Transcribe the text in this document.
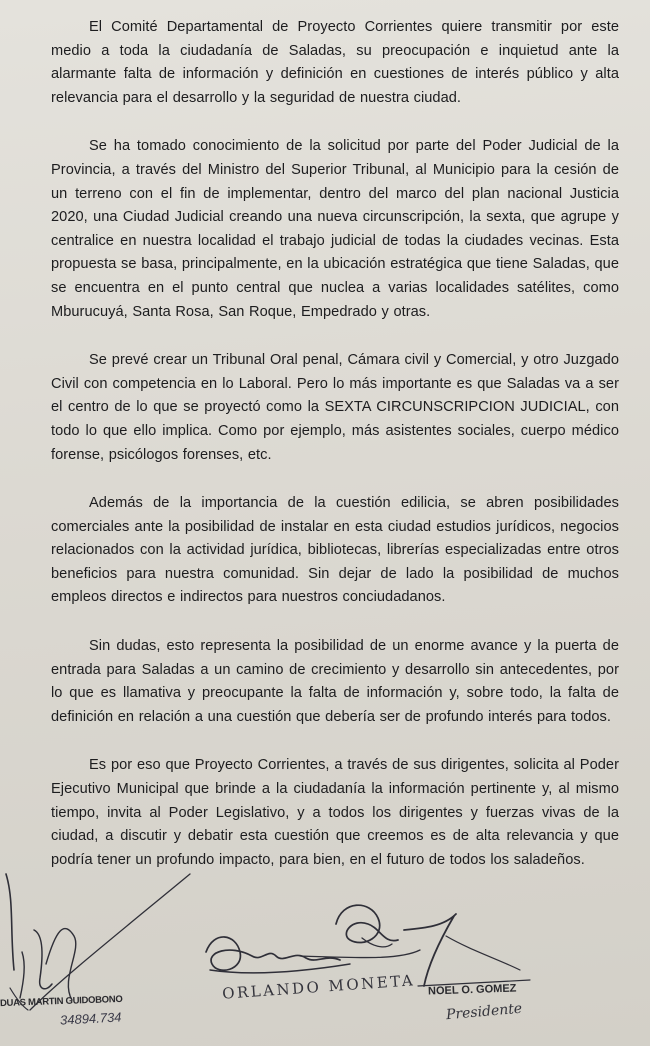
El Comité Departamental de Proyecto Corrientes quiere transmitir por este medio a toda la ciudadanía de Saladas, su preocupación e inquietud ante la alarmante falta de información y definición en cuestiones de interés público y alta relevancia para el desarrollo y la seguridad de nuestra ciudad.

Se ha tomado conocimiento de la solicitud por parte del Poder Judicial de la Provincia, a través del Ministro del Superior Tribunal, al Municipio para la cesión de un terreno con el fin de implementar, dentro del marco del plan nacional Justicia 2020, una Ciudad Judicial creando una nueva circunscripción, la sexta, que agrupe y centralice en nuestra localidad el trabajo judicial de todas la ciudades vecinas. Esta propuesta se basa, principalmente, en la ubicación estratégica que tiene Saladas, que se encuentra en el punto central que nuclea a varias localidades satélites, como Mburucuyá, Santa Rosa, San Roque, Empedrado y otras.

Se prevé crear un Tribunal Oral penal, Cámara civil y Comercial, y otro Juzgado Civil con competencia en lo Laboral. Pero lo más importante es que Saladas va a ser el centro de lo que se proyectó como la SEXTA CIRCUNSCRIPCION JUDICIAL, con todo lo que ello implica. Como por ejemplo, más asistentes sociales, cuerpo médico forense, psicólogos forenses, etc.

Además de la importancia de la cuestión edilicia, se abren posibilidades comerciales ante la posibilidad de instalar en esta ciudad estudios jurídicos, negocios relacionados con la actividad jurídica, bibliotecas, librerías especializadas entre otros beneficios para nuestra comunidad. Sin dejar de lado la posibilidad de muchos empleos directos e indirectos para nuestros conciudadanos.

Sin dudas, esto representa la posibilidad de un enorme avance y la puerta de entrada para Saladas a un camino de crecimiento y desarrollo sin antecedentes, por lo que es llamativa y preocupante la falta de información y, sobre todo, la falta de definición en relación a una cuestión que debería ser de profundo interés para todos.

Es por eso que Proyecto Corrientes, a través de sus dirigentes, solicita al Poder Ejecutivo Municipal que brinde a la ciudadanía la información pertinente y, al mismo tiempo, invita al Poder Legislativo, y a todos los dirigentes y fuerzas vivas de la ciudad, a discutir y debatir esta cuestión que creemos es de alta relevancia y que podría tener un profundo impacto, para bien, en el futuro de todos los saladeños.

DUAS MARTIN GUIDOBONO
34894.734
ORLANDO MONETA NOEL O. GOMEZ
Presidente
